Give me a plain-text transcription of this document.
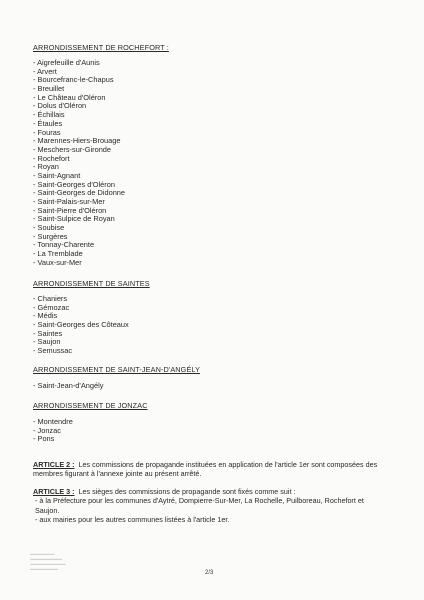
ARRONDISSEMENT DE ROCHEFORT :
- Aigrefeuille d'Aunis
- Arvert
- Bourcefranc-le-Chapus
- Breuillet
- Le Château d'Oléron
- Dolus d'Oléron
- Échillais
- Étaules
- Fouras
- Marennes-Hiers-Brouage
- Meschers-sur-Gironde
- Rochefort
- Royan
- Saint-Agnant
- Saint-Georges d'Oléron
- Saint-Georges de Didonne
- Saint-Palais-sur-Mer
- Saint-Pierre d'Oléron
- Saint-Sulpice de Royan
- Soubise
- Surgères
- Tonnay-Charente
- La Tremblade
- Vaux-sur-Mer
ARRONDISSEMENT DE SAINTES
- Chaniers
- Gémozac
- Médis
- Saint-Georges des Côteaux
- Saintes
- Saujon
- Semussac
ARRONDISSEMENT DE SAINT-JEAN-D'ANGÉLY
- Saint-Jean-d'Angély
ARRONDISSEMENT DE JONZAC
- Montendre
- Jonzac
- Pons

ARTICLE 2 : Les commissions de propagande instituées en application de l'article 1er sont composées des

membres figurant à l'annexe jointe au présent arrêté.

ARTICLE 3 : Les sièges des commissions de propagande sont fixés comme suit :

- à la Préfecture pour les communes d'Aytré, Dompierre-Sur-Mer, La Rochelle, Puilboreau, Rochefort et

Saujon.

- aux mairies pour les autres communes listées à l'article 1er.

▬▬▬▬▬▬
▬▬▬▬▬▬▬▬
▬▬▬▬▬▬▬▬▬
▬▬▬▬▬▬▬
2/3
